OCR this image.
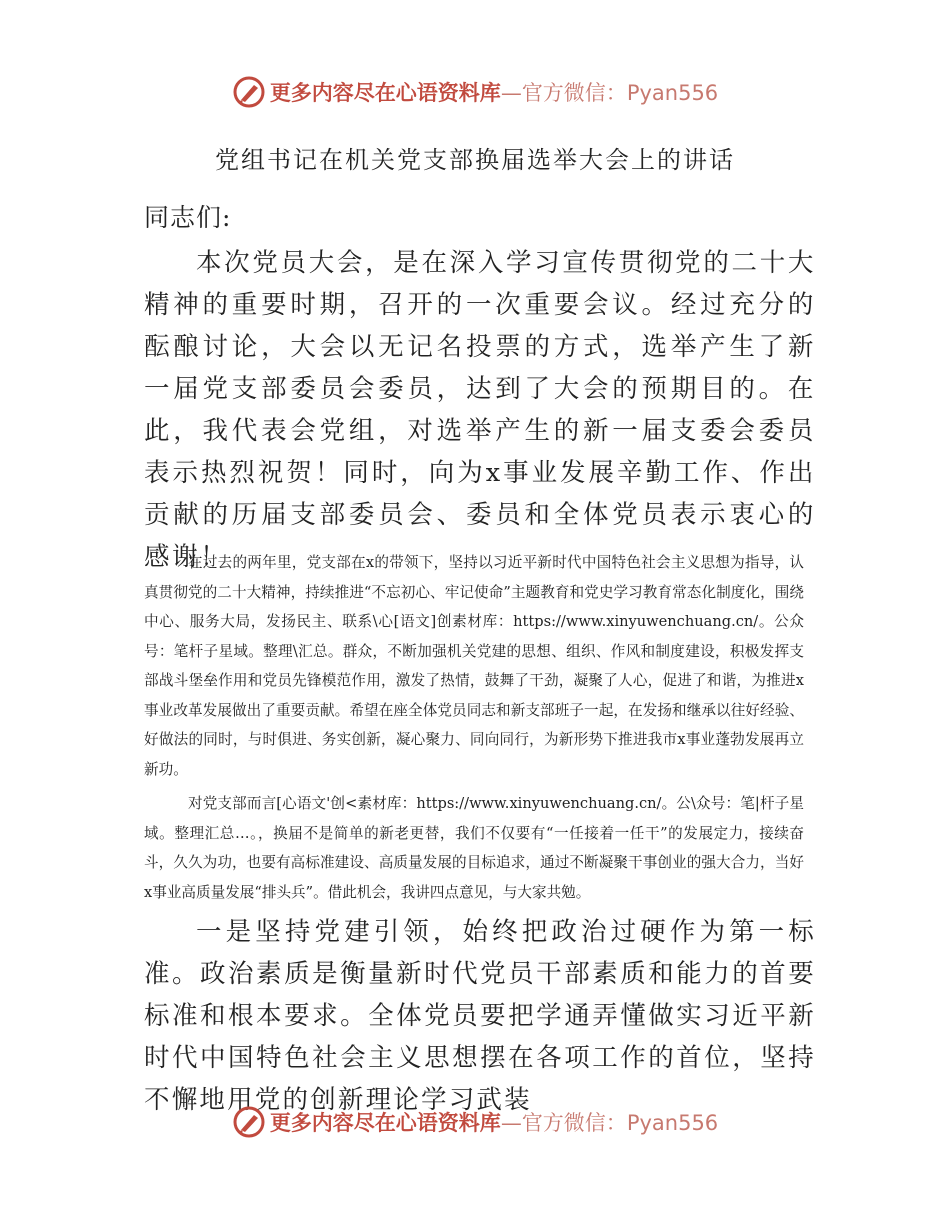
更多内容尽在心语资料库—官方微信：Pyan556
党组书记在机关党支部换届选举大会上的讲话
同志们:

本次党员大会，是在深入学习宣传贯彻党的二十大精神的重要时期，召开的一次重要会议。经过充分的酝酿讨论，大会以无记名投票的方式，选举产生了新一届党支部委员会委员，达到了大会的预期目的。在此，我代表会党组，对选举产生的新一届支委会委员表示热烈祝贺！同时，向为x事业发展辛勤工作、作出贡献的历届支部委员会、委员和全体党员表示衷心的感谢！

在过去的两年里，党支部在x的带领下，坚持以习近平新时代中国特色社会主义思想为指导，认真贯彻党的二十大精神，持续推进“不忘初心、牢记使命”主题教育和党史学习教育常态化制度化，围绕中心、服务大局，发扬民主、联系\心[语文]创素材库：https://www.xinyuwenchuang.cn/。公众号：笔杆子星域。整理\汇总。群众，不断加强机关党建的思想、组织、作风和制度建设，积极发挥支部战斗堡垒作用和党员先锋模范作用，激发了热情，鼓舞了干劲，凝聚了人心，促进了和谐，为推进x事业改革发展做出了重要贡献。希望在座全体党员同志和新支部班子一起，在发扬和继承以往好经验、好做法的同时，与时俱进、务实创新，凝心聚力、同向同行，为新形势下推进我市x事业蓬勃发展再立新功。

对党支部而言[心语文'创<素材库：https://www.xinyuwenchuang.cn/。公\众号：笔|杆子星域。整理汇总…。，换届不是简单的新老更替，我们不仅要有“一任接着一任干”的发展定力，接续奋斗，久久为功，也要有高标准建设、高质量发展的目标追求，通过不断凝聚干事创业的强大合力，当好x事业高质量发展“排头兵”。借此机会，我讲四点意见，与大家共勉。

一是坚持党建引领，始终把政治过硬作为第一标准。政治素质是衡量新时代党员干部素质和能力的首要标准和根本要求。全体党员要把学通弄懂做实习近平新时代中国特色社会主义思想摆在各项工作的首位，坚持不懈地用党的创新理论学习武装

更多内容尽在心语资料库—官方微信：Pyan556
